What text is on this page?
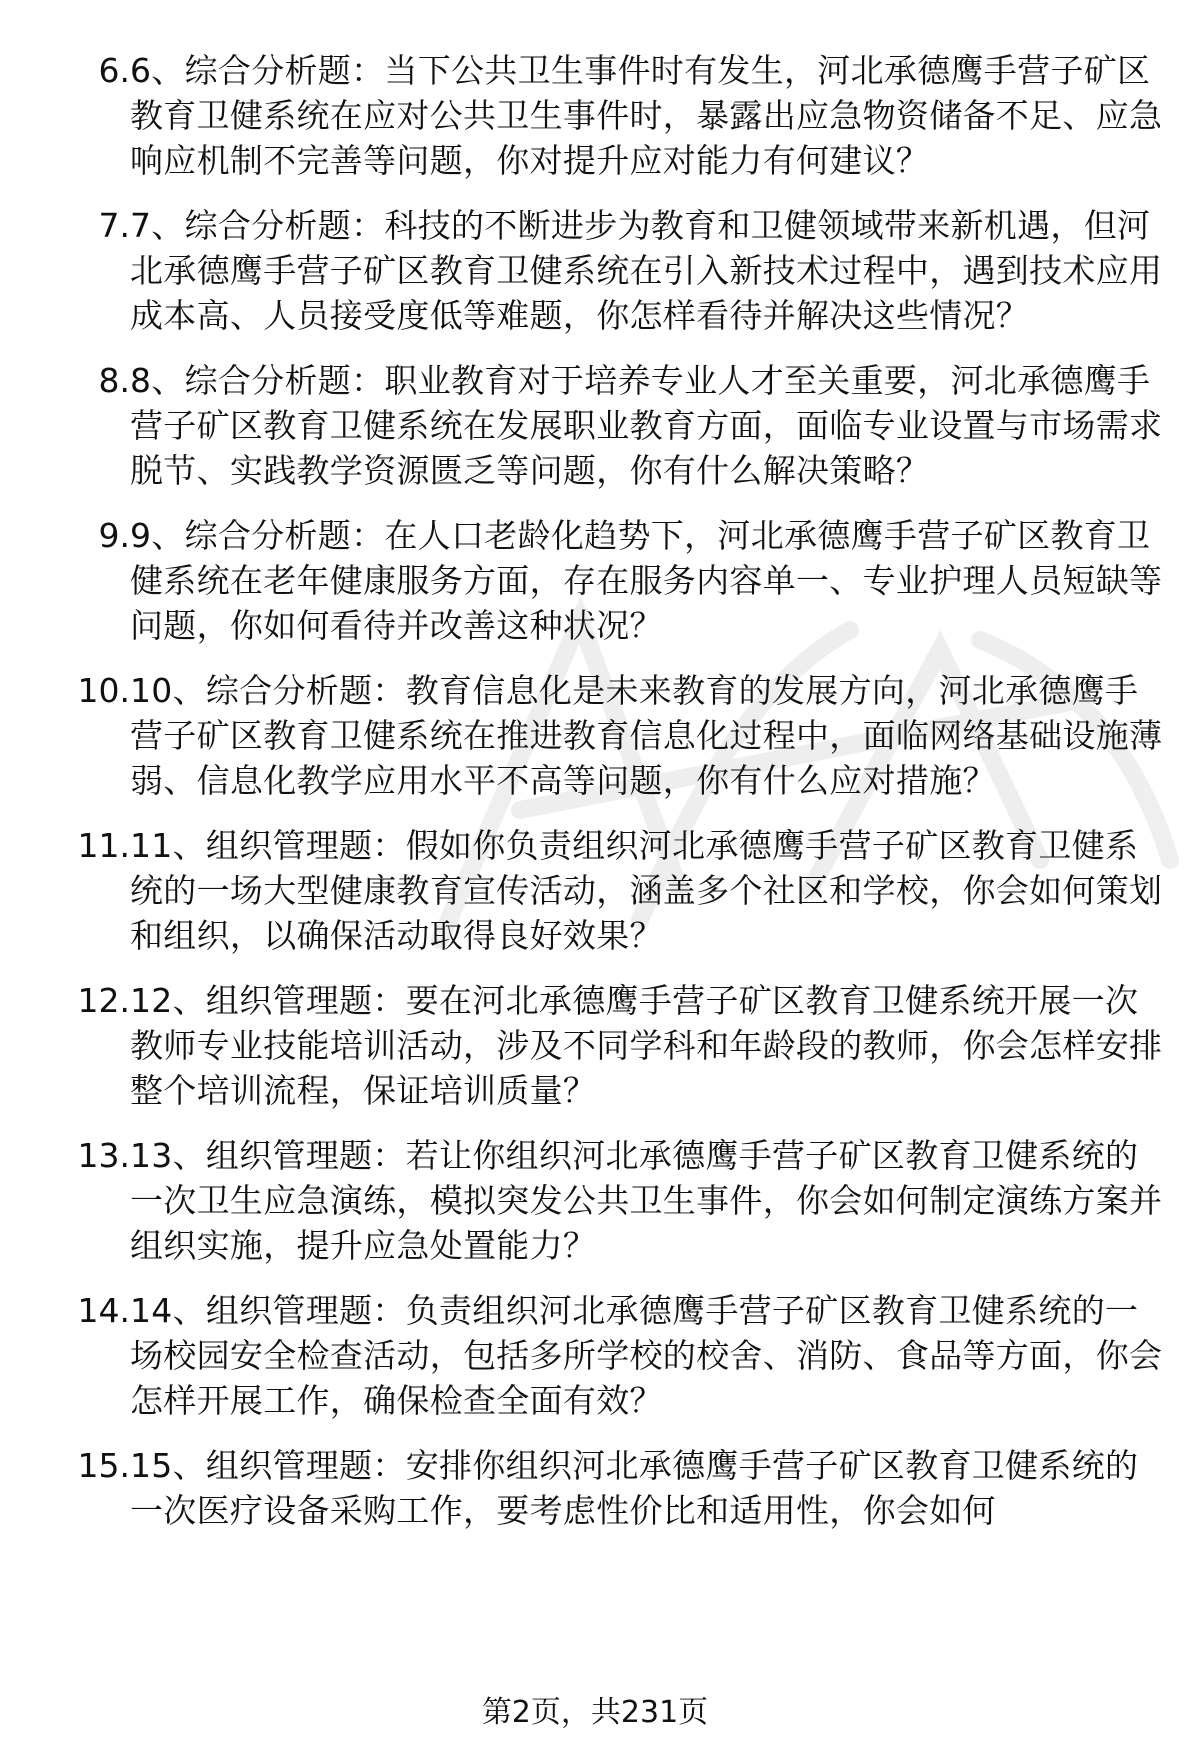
6. 6、综合分析题：当下公共卫生事件时有发生，河北承德鹰手营子矿区教育卫健系统在应对公共卫生事件时，暴露出应急物资储备不足、应急响应机制不完善等问题，你对提升应对能力有何建议？
7. 7、综合分析题：科技的不断进步为教育和卫健领域带来新机遇，但河北承德鹰手营子矿区教育卫健系统在引入新技术过程中，遇到技术应用成本高、人员接受度低等难题，你怎样看待并解决这些情况？
8. 8、综合分析题：职业教育对于培养专业人才至关重要，河北承德鹰手营子矿区教育卫健系统在发展职业教育方面，面临专业设置与市场需求脱节、实践教学资源匮乏等问题，你有什么解决策略？
9. 9、综合分析题：在人口老龄化趋势下，河北承德鹰手营子矿区教育卫健系统在老年健康服务方面，存在服务内容单一、专业护理人员短缺等问题，你如何看待并改善这种状况？
10. 10、综合分析题：教育信息化是未来教育的发展方向，河北承德鹰手营子矿区教育卫健系统在推进教育信息化过程中，面临网络基础设施薄弱、信息化教学应用水平不高等问题，你有什么应对措施？
11. 11、组织管理题：假如你负责组织河北承德鹰手营子矿区教育卫健系统的一场大型健康教育宣传活动，涵盖多个社区和学校，你会如何策划和组织，以确保活动取得良好效果？
12. 12、组织管理题：要在河北承德鹰手营子矿区教育卫健系统开展一次教师专业技能培训活动，涉及不同学科和年龄段的教师，你会怎样安排整个培训流程，保证培训质量？
13. 13、组织管理题：若让你组织河北承德鹰手营子矿区教育卫健系统的一次卫生应急演练，模拟突发公共卫生事件，你会如何制定演练方案并组织实施，提升应急处置能力？
14. 14、组织管理题：负责组织河北承德鹰手营子矿区教育卫健系统的一场校园安全检查活动，包括多所学校的校舍、消防、食品等方面，你会怎样开展工作，确保检查全面有效？
15. 15、组织管理题：安排你组织河北承德鹰手营子矿区教育卫健系统的一次医疗设备采购工作，要考虑性价比和适用性，你会如何
第2页，共231页
